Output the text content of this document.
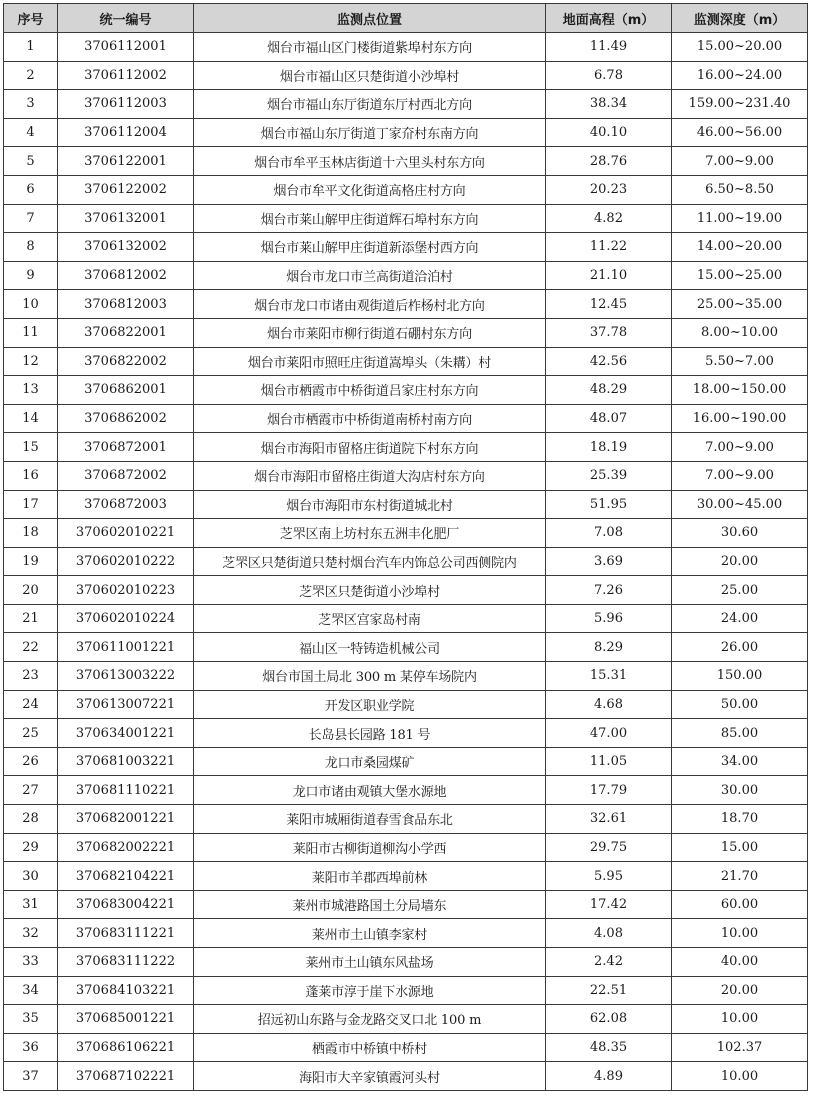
序号	统一编号	监测点位置	地面高程（m）	监测深度（m）
1	3706112001	烟台市福山区门楼街道紫埠村东方向	11.49	15.00~20.00
2	3706112002	烟台市福山区只楚街道小沙埠村	6.78	16.00~24.00
3	3706112003	烟台市福山东厅街道东厅村西北方向	38.34	159.00~231.40
4	3706112004	烟台市福山东厅街道丁家夼村东南方向	40.10	46.00~56.00
5	3706122001	烟台市牟平玉林店街道十六里头村东方向	28.76	7.00~9.00
6	3706122002	烟台市牟平文化街道高格庄村方向	20.23	6.50~8.50
7	3706132001	烟台市莱山解甲庄街道辉石埠村东方向	4.82	11.00~19.00
8	3706132002	烟台市莱山解甲庄街道新添堡村西方向	11.22	14.00~20.00
9	3706812002	烟台市龙口市兰高街道洽泊村	21.10	15.00~25.00
10	3706812003	烟台市龙口市诸由观街道后柞杨村北方向	12.45	25.00~35.00
11	3706822001	烟台市莱阳市柳行街道石硼村东方向	37.78	8.00~10.00
12	3706822002	烟台市莱阳市照旺庄街道嵩埠头（朱耩）村	42.56	5.50~7.00
13	3706862001	烟台市栖霞市中桥街道吕家庄村东方向	48.29	18.00~150.00
14	3706862002	烟台市栖霞市中桥街道南桥村南方向	48.07	16.00~190.00
15	3706872001	烟台市海阳市留格庄街道院下村东方向	18.19	7.00~9.00
16	3706872002	烟台市海阳市留格庄街道大沟店村东方向	25.39	7.00~9.00
17	3706872003	烟台市海阳市东村街道城北村	51.95	30.00~45.00
18	370602010221	芝罘区南上坊村东五洲丰化肥厂	7.08	30.60
19	370602010222	芝罘区只楚街道只楚村烟台汽车内饰总公司西侧院内	3.69	20.00
20	370602010223	芝罘区只楚街道小沙埠村	7.26	25.00
21	370602010224	芝罘区宫家岛村南	5.96	24.00
22	370611001221	福山区一特铸造机械公司	8.29	26.00
23	370613003222	烟台市国土局北 300 m 某停车场院内	15.31	150.00
24	370613007221	开发区职业学院	4.68	50.00
25	370634001221	长岛县长园路 181 号	47.00	85.00
26	370681003221	龙口市桑园煤矿	11.05	34.00
27	370681110221	龙口市诸由观镇大堡水源地	17.79	30.00
28	370682001221	莱阳市城厢街道春雪食品东北	32.61	18.70
29	370682002221	莱阳市古柳街道柳沟小学西	29.75	15.00
30	370682104221	莱阳市羊郡西埠前林	5.95	21.70
31	370683004221	莱州市城港路国土分局墙东	17.42	60.00
32	370683111221	莱州市土山镇李家村	4.08	10.00
33	370683111222	莱州市土山镇东风盐场	2.42	40.00
34	370684103221	蓬莱市淳于崖下水源地	22.51	20.00
35	370685001221	招远初山东路与金龙路交叉口北 100 m	62.08	10.00
36	370686106221	栖霞市中桥镇中桥村	48.35	102.37
37	370687102221	海阳市大辛家镇霞河头村	4.89	10.00
